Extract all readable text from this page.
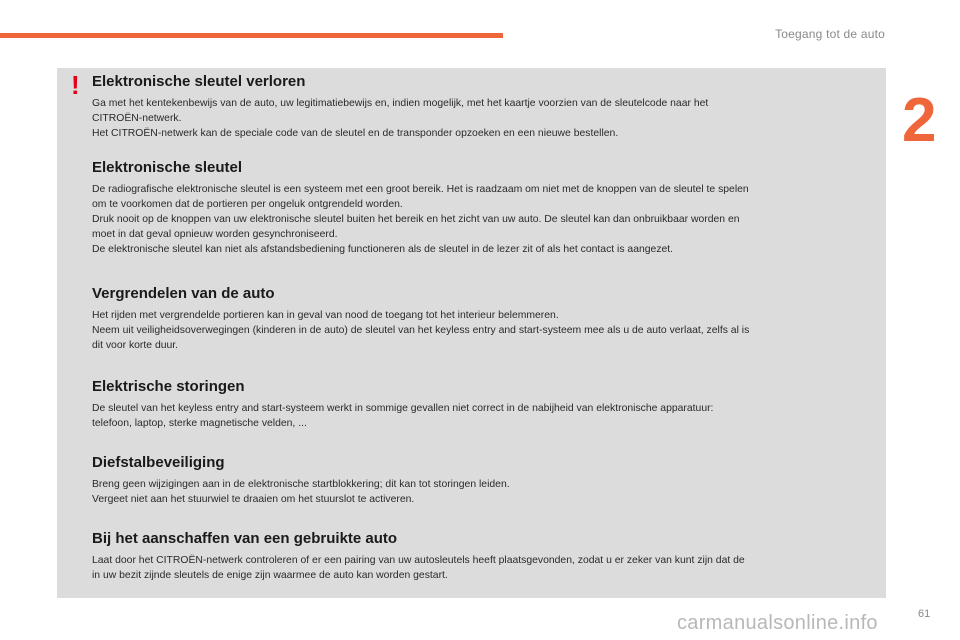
Toegang tot de auto
2
! Elektronische sleutel verloren

Ga met het kentekenbewijs van de auto, uw legitimatiebewijs en, indien mogelijk, met het kaartje voorzien van de sleutelcode naar het
CITROËN-netwerk.
Het CITROËN-netwerk kan de speciale code van de sleutel en de transponder opzoeken en een nieuwe bestellen.

Elektronische sleutel

De radiografische elektronische sleutel is een systeem met een groot bereik. Het is raadzaam om niet met de knoppen van de sleutel te spelen
om te voorkomen dat de portieren per ongeluk ontgrendeld worden.
Druk nooit op de knoppen van uw elektronische sleutel buiten het bereik en het zicht van uw auto. De sleutel kan dan onbruikbaar worden en
moet in dat geval opnieuw worden gesynchroniseerd.
De elektronische sleutel kan niet als afstandsbediening functioneren als de sleutel in de lezer zit of als het contact is aangezet.

Vergrendelen van de auto

Het rijden met vergrendelde portieren kan in geval van nood de toegang tot het interieur belemmeren.
Neem uit veiligheidsoverwegingen (kinderen in de auto) de sleutel van het keyless entry and start-systeem mee als u de auto verlaat, zelfs al is
dit voor korte duur.

Elektrische storingen

De sleutel van het keyless entry and start-systeem werkt in sommige gevallen niet correct in de nabijheid van elektronische apparatuur:
telefoon, laptop, sterke magnetische velden, ...

Diefstalbeveiliging

Breng geen wijzigingen aan in de elektronische startblokkering; dit kan tot storingen leiden.
Vergeet niet aan het stuurwiel te draaien om het stuurslot te activeren.

Bij het aanschaffen van een gebruikte auto

Laat door het CITROËN-netwerk controleren of er een pairing van uw autosleutels heeft plaatsgevonden, zodat u er zeker van kunt zijn dat de
in uw bezit zijnde sleutels de enige zijn waarmee de auto kan worden gestart.

carmanualsonline.info	61
